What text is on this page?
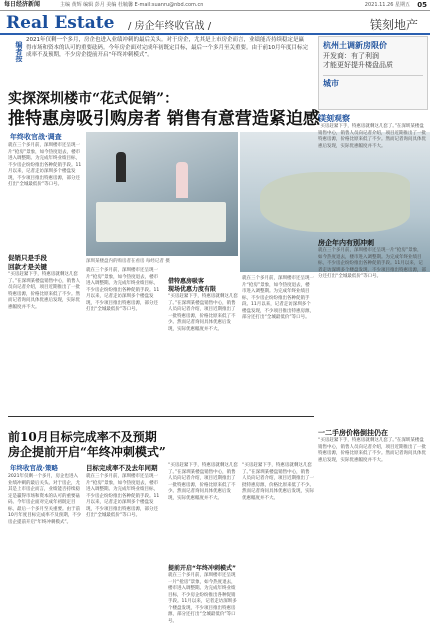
每日经济新闻	主编 黄辉 编辑 彭月 美编 杜毓馨 E-mail:suanru@nbd.com.cn	2021.11.26 星期五 05
Real Estate / 房企年终收官战 /	镁刻地产
编者按
2021年仅剩一个多月，房企也进入业绩冲刺的最后关头。对于房企，尤其是上市房企而言，业绩能否持续稳定是赢得市场和资本的认可的重要砝码。今年房企面对完成年初既定目标，最后一个多月至关重要。由于前10月年度目标完成率不及预期，不少房企提前开启“年终冲刺模式”。
杭州土调新房限价
开发商：有了利润
才能更好提升楼盘品质
城市
实探深圳楼市“花式促销”：
推特惠房吸引购房者 销售有意营造紧迫感
年终收官战·调查
就在三个多月前，深圳楼市还呈现一片“抢房”景象，如今热度退去，楼市进入调整期。为完成年终业绩目标，不少房企纷纷推出各种促销手段。11月以来，记者走访深圳多个楼盘发现，不少项目推出特惠房源，部分还打出“全城最低价”等口号。
深圳某楼盘内的购房者在看房 每经记者 摄
促销只是手段
回款才是关键
“买房赶紧下手，特惠房就剩这几套了。”在深圳某楼盘销售中心，销售人员向记者介绍，项目近期推出了一批特惠房源，价格比原来低了不少。然而记者询问具体优惠后发现，实际优惠幅度并不大。
就在三个多月前，深圳楼市还呈现一片“抢房”景象，如今热度退去，楼市进入调整期。为完成年终业绩目标，不少房企纷纷推出各种促销手段。11月以来，记者走访深圳多个楼盘发现，不少项目推出特惠房源，部分还打出“全城最低价”等口号。
借特惠房吸客
现场优惠力度有限
“买房赶紧下手，特惠房就剩这几套了。”在深圳某楼盘销售中心，销售人员向记者介绍，项目近期推出了一批特惠房源，价格比原来低了不少。然而记者询问具体优惠后发现，实际优惠幅度并不大。
就在三个多月前，深圳楼市还呈现一片“抢房”景象，如今热度退去，楼市进入调整期。为完成年终业绩目标，不少房企纷纷推出各种促销手段。11月以来，记者走访深圳多个楼盘发现，不少项目推出特惠房源，部分还打出“全城最低价”等口号。
镁刻观察
“买房赶紧下手，特惠房就剩这几套了。”在深圳某楼盘销售中心，销售人员向记者介绍，项目近期推出了一批特惠房源，价格比原来低了不少。然而记者询问具体优惠后发现，实际优惠幅度并不大。
房企年内有别冲刺
就在三个多月前，深圳楼市还呈现一片“抢房”景象，如今热度退去，楼市进入调整期。为完成年终业绩目标，不少房企纷纷推出各种促销手段。11月以来，记者走访深圳多个楼盘发现，不少项目推出特惠房源，部分还打出“全城最低价”等口号。
一二手房价格倒挂仍在
“买房赶紧下手，特惠房就剩这几套了。”在深圳某楼盘销售中心，销售人员向记者介绍，项目近期推出了一批特惠房源，价格比原来低了不少。然而记者询问具体优惠后发现，实际优惠幅度并不大。
前10月目标完成率不及预期
房企提前开启“年终冲刺模式”
年终收官战·策略	目标完成率不及去年同期
2021年仅剩一个多月，房企也进入业绩冲刺的最后关头。对于房企，尤其是上市房企而言，业绩能否持续稳定是赢得市场和资本的认可的重要砝码。今年房企面对完成年初既定目标，最后一个多月至关重要。由于前10月年度目标完成率不及预期，不少房企提前开启“年终冲刺模式”。
就在三个多月前，深圳楼市还呈现一片“抢房”景象，如今热度退去，楼市进入调整期。为完成年终业绩目标，不少房企纷纷推出各种促销手段。11月以来，记者走访深圳多个楼盘发现，不少项目推出特惠房源，部分还打出“全城最低价”等口号。
“买房赶紧下手，特惠房就剩这几套了。”在深圳某楼盘销售中心，销售人员向记者介绍，项目近期推出了一批特惠房源，价格比原来低了不少。然而记者询问具体优惠后发现，实际优惠幅度并不大。
提前开启“年终冲刺模式”
就在三个多月前，深圳楼市还呈现一片“抢房”景象，如今热度退去，楼市进入调整期。为完成年终业绩目标，不少房企纷纷推出各种促销手段。11月以来，记者走访深圳多个楼盘发现，不少项目推出特惠房源，部分还打出“全城最低价”等口号。
“买房赶紧下手，特惠房就剩这几套了。”在深圳某楼盘销售中心，销售人员向记者介绍，项目近期推出了一批特惠房源，价格比原来低了不少。然而记者询问具体优惠后发现，实际优惠幅度并不大。
